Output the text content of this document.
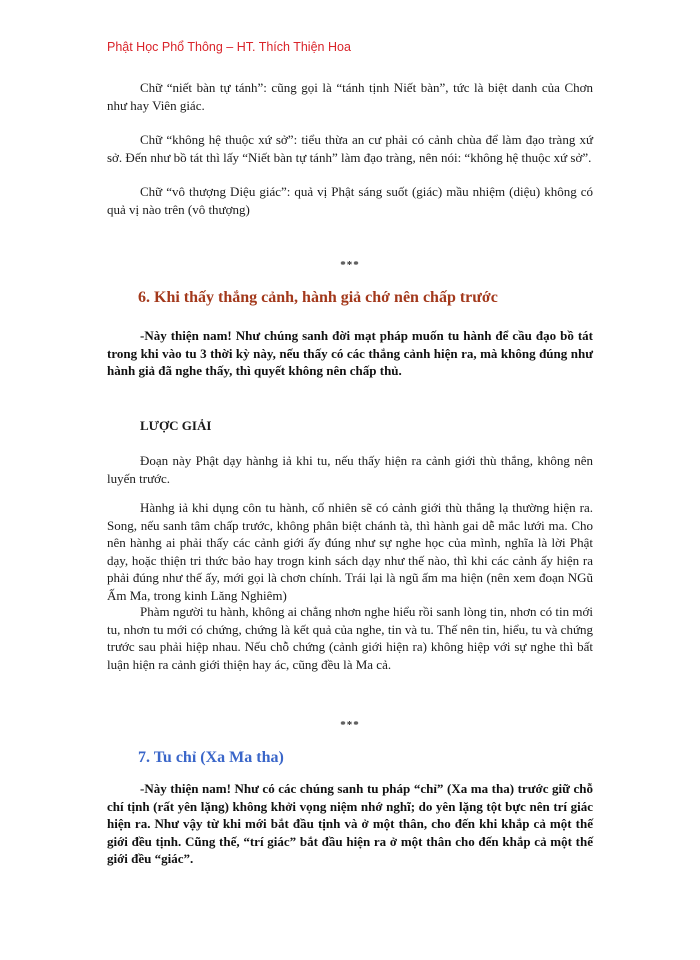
Phật Học Phổ Thông – HT. Thích Thiện Hoa

Chữ “niết bàn tự tánh”: cũng gọi là “tánh tịnh Niết bàn”, tức là biệt danh của Chơn như hay Viên giác.

Chữ “không hệ thuộc xứ sở”: tiểu thừa an cư phải có cảnh chùa để làm đạo tràng xứ sở. Đến như bồ tát thì lấy “Niết bàn tự tánh” làm đạo tràng, nên nói: “không hệ thuộc xứ sở”.

Chữ “vô thượng Diệu giác”: quả vị Phật sáng suốt (giác) mầu nhiệm (diệu) không có quả vị nào trên (vô thượng)

***
6. Khi thấy thắng cảnh, hành giả chớ nên chấp trước

-Này thiện nam! Như chúng sanh đời mạt pháp muốn tu hành để cầu đạo bồ tát trong khi vào tu 3 thời kỳ này, nếu thấy có các thắng cảnh hiện ra, mà không đúng như hành giả đã nghe thấy, thì quyết không nên chấp thủ.

LƯỢC GIẢI

Đoạn này Phật dạy hànhg iả khi tu, nếu thấy hiện ra cảnh giới thù thắng, không nên luyến trước.

Hànhg iả khi dụng côn tu hành, cố nhiên sẽ có cảnh giới thù thắng lạ thường hiện ra. Song, nếu sanh tâm chấp trước, không phân biệt chánh tà, thì hành gai dễ mắc lưới ma. Cho nên hànhg ai phải thấy các cảnh giới ấy đúng như sự nghe học của mình, nghĩa là lời Phật dạy, hoặc thiện tri thức bảo hay trogn kinh sách dạy như thế nào, thì khi các cảnh ấy hiện ra phải đúng như thế ấy, mới gọi là chơn chính. Trái lại là ngũ ấm ma hiện (nên xem đoạn NGũ Ấm Ma, trong kinh Lăng Nghiêm)

Phàm người tu hành, không ai chẳng nhơn nghe hiểu rồi sanh lòng tin, nhơn có tin mới tu, nhơn tu mới có chứng, chứng là kết quả của nghe, tin và tu. Thế nên tin, hiểu, tu và chứng trước sau phải hiệp nhau. Nếu chỗ chứng (cảnh giới hiện ra) không hiệp với sự nghe thì bất luận hiện ra cảnh giới thiện hay ác, cũng đều là Ma cả.

***
7. Tu chỉ (Xa Ma tha)

-Này thiện nam! Như có các chúng sanh tu pháp “chỉ” (Xa ma tha) trước giữ chỗ chí tịnh (rất yên lặng) không khởi vọng niệm nhớ nghĩ; do yên lặng tột bực nên trí giác hiện ra. Như vậy từ khi mới bắt đầu tịnh và ở một thân, cho đến khi khắp cả một thế giới đều tịnh. Cũng thế, “trí giác” bắt đầu hiện ra ở một thân cho đến khắp cả một thế giới đều “giác”.
